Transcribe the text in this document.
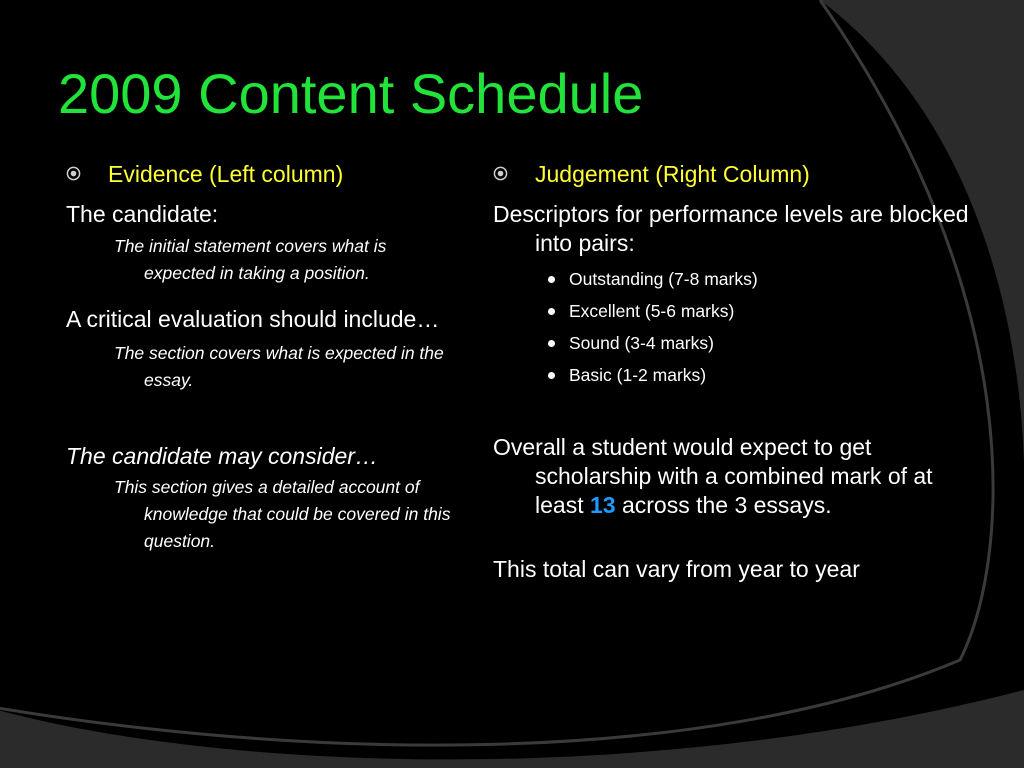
2009 Content Schedule
Evidence (Left column)

The candidate:

The initial statement covers what is expected in taking a position.

A critical evaluation should include…

The section covers what is expected in the essay.

The candidate may consider…

This section gives a detailed account of knowledge that could be covered in this question.

Judgement (Right Column)

Descriptors for performance levels are blocked into pairs:

Outstanding (7-8 marks)
Excellent (5-6 marks)
Sound (3-4 marks)
Basic (1-2 marks)

Overall a student would expect to get scholarship with a combined mark of at least 13 across the 3 essays.

This total can vary from year to year
